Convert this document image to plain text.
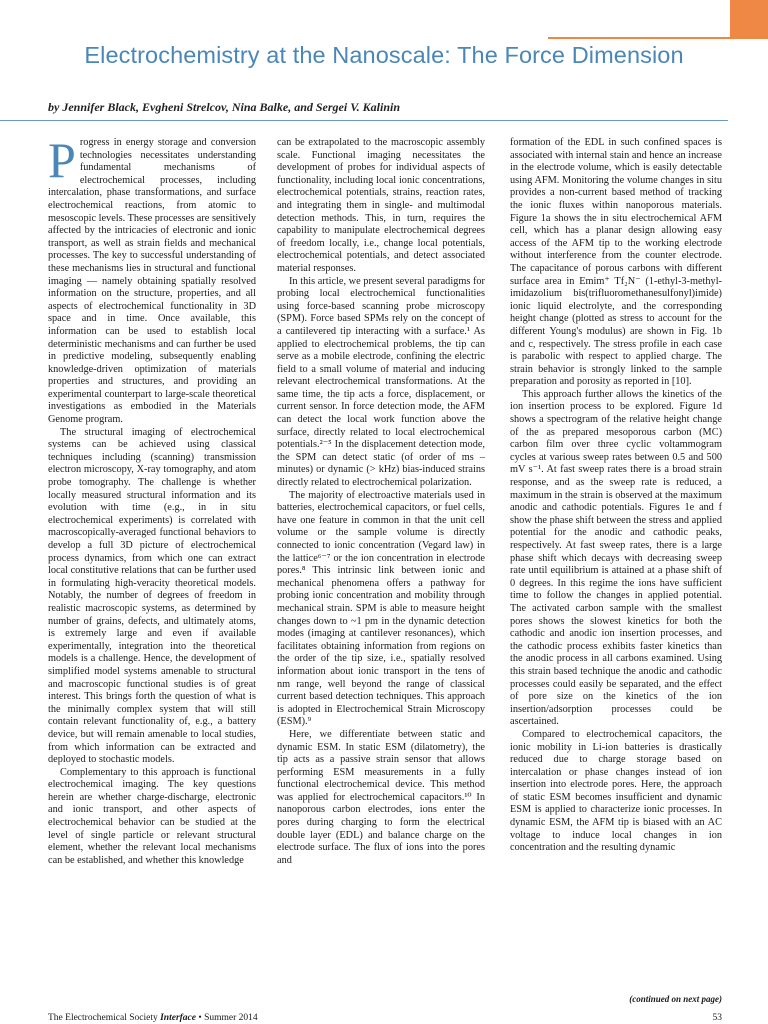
Electrochemistry at the Nanoscale: The Force Dimension
by Jennifer Black, Evgheni Strelcov, Nina Balke, and Sergei V. Kalinin

Progress in energy storage and conversion technologies necessitates understanding fundamental mechanisms of electrochemical processes, including intercalation, phase transformations, and surface electrochemical reactions, from atomic to mesoscopic levels. These processes are sensitively affected by the intricacies of electronic and ionic transport, as well as strain fields and mechanical processes. The key to successful understanding of these mechanisms lies in structural and functional imaging — namely obtaining spatially resolved information on the structure, properties, and all aspects of electrochemical functionality in 3D space and in time. Once available, this information can be used to establish local deterministic mechanisms and can further be used in predictive modeling, subsequently enabling knowledge-driven optimization of materials properties and structures, and providing an experimental counterpart to large-scale theoretical investigations as embodied in the Materials Genome program.

The structural imaging of electrochemical systems can be achieved using classical techniques including (scanning) transmission electron microscopy, X-ray tomography, and atom probe tomography. The challenge is whether locally measured structural information and its evolution with time (e.g., in in situ electrochemical experiments) is correlated with macroscopically-averaged functional behaviors to develop a full 3D picture of electrochemical process dynamics, from which one can extract local constitutive relations that can be further used in formulating high-veracity theoretical models. Notably, the number of degrees of freedom in realistic macroscopic systems, as determined by number of grains, defects, and ultimately atoms, is extremely large and even if available experimentally, integration into the theoretical models is a challenge. Hence, the development of simplified model systems amenable to structural and macroscopic functional studies is of great interest. This brings forth the question of what is the minimally complex system that will still contain relevant functionality of, e.g., a battery device, but will remain amenable to local studies, from which information can be extracted and deployed to stochastic models.

Complementary to this approach is functional electrochemical imaging. The key questions herein are whether charge-discharge, electronic and ionic transport, and other aspects of electrochemical behavior can be studied at the level of single particle or relevant structural element, whether the relevant local mechanisms can be established, and whether this knowledge

can be extrapolated to the macroscopic assembly scale. Functional imaging necessitates the development of probes for individual aspects of functionality, including local ionic concentrations, electrochemical potentials, strains, reaction rates, and integrating them in single- and multimodal detection methods. This, in turn, requires the capability to manipulate electrochemical degrees of freedom locally, i.e., change local potentials, electrochemical potentials, and detect associated material responses.

In this article, we present several paradigms for probing local electrochemical functionalities using force-based scanning probe microscopy (SPM). Force based SPMs rely on the concept of a cantilevered tip interacting with a surface.¹ As applied to electrochemical problems, the tip can serve as a mobile electrode, confining the electric field to a small volume of material and inducing relevant electrochemical transformations. At the same time, the tip acts a force, displacement, or current sensor. In force detection mode, the AFM can detect the local work function above the surface, directly related to local electrochemical potentials.²⁻⁵ In the displacement detection mode, the SPM can detect static (of order of ms – minutes) or dynamic (> kHz) bias-induced strains directly related to electrochemical polarization.

The majority of electroactive materials used in batteries, electrochemical capacitors, or fuel cells, have one feature in common in that the unit cell volume or the sample volume is directly connected to ionic concentration (Vegard law) in the lattice⁶⁻⁷ or the ion concentration in electrode pores.⁸ This intrinsic link between ionic and mechanical phenomena offers a pathway for probing ionic concentration and mobility through mechanical strain. SPM is able to measure height changes down to ~1 pm in the dynamic detection modes (imaging at cantilever resonances), which facilitates obtaining information from regions on the order of the tip size, i.e., spatially resolved information about ionic transport in the tens of nm range, well beyond the range of classical current based detection techniques. This approach is adopted in Electrochemical Strain Microscopy (ESM).⁹

Here, we differentiate between static and dynamic ESM. In static ESM (dilatometry), the tip acts as a passive strain sensor that allows performing ESM measurements in a fully functional electrochemical device. This method was applied for electrochemical capacitors.¹⁰ In nanoporous carbon electrodes, ions enter the pores during charging to form the electrical double layer (EDL) and balance charge on the electrode surface. The flux of ions into the pores and

formation of the EDL in such confined spaces is associated with internal stain and hence an increase in the electrode volume, which is easily detectable using AFM. Monitoring the volume changes in situ provides a non-current based method of tracking the ionic fluxes within nanoporous materials. Figure 1a shows the in situ electrochemical AFM cell, which has a planar design allowing easy access of the AFM tip to the working electrode without interference from the counter electrode. The capacitance of porous carbons with different surface area in Emim⁺ Tf₂N⁻ (1-ethyl-3-methyl-imidazolium bis(trifluoromethanesulfonyl)imide) ionic liquid electrolyte, and the corresponding height change (plotted as stress to account for the different Young's modulus) are shown in Fig. 1b and c, respectively. The stress profile in each case is parabolic with respect to applied charge. The strain behavior is strongly linked to the sample preparation and porosity as reported in [10].

This approach further allows the kinetics of the ion insertion process to be explored. Figure 1d shows a spectrogram of the relative height change of the as prepared mesoporous carbon (MC) carbon film over three cyclic voltammogram cycles at various sweep rates between 0.5 and 500 mV s⁻¹. At fast sweep rates there is a broad strain response, and as the sweep rate is reduced, a maximum in the strain is observed at the maximum anodic and cathodic potentials. Figures 1e and f show the phase shift between the stress and applied potential for the anodic and cathodic peaks, respectively. At fast sweep rates, there is a large phase shift which decays with decreasing sweep rate until equilibrium is attained at a phase shift of 0 degrees. In this regime the ions have sufficient time to follow the changes in applied potential. The activated carbon sample with the smallest pores shows the slowest kinetics for both the cathodic and anodic ion insertion processes, and the cathodic process exhibits faster kinetics than the anodic process in all carbons examined. Using this strain based technique the anodic and cathodic processes could easily be separated, and the effect of pore size on the kinetics of the ion insertion/adsorption processes could be ascertained.

Compared to electrochemical capacitors, the ionic mobility in Li-ion batteries is drastically reduced due to charge storage based on intercalation or phase changes instead of ion insertion into electrode pores. Here, the approach of static ESM becomes insufficient and dynamic ESM is applied to characterize ionic processes. In dynamic ESM, the AFM tip is biased with an AC voltage to induce local changes in ion concentration and the resulting dynamic

(continued on next page)
The Electrochemical Society Interface • Summer 2014	53
